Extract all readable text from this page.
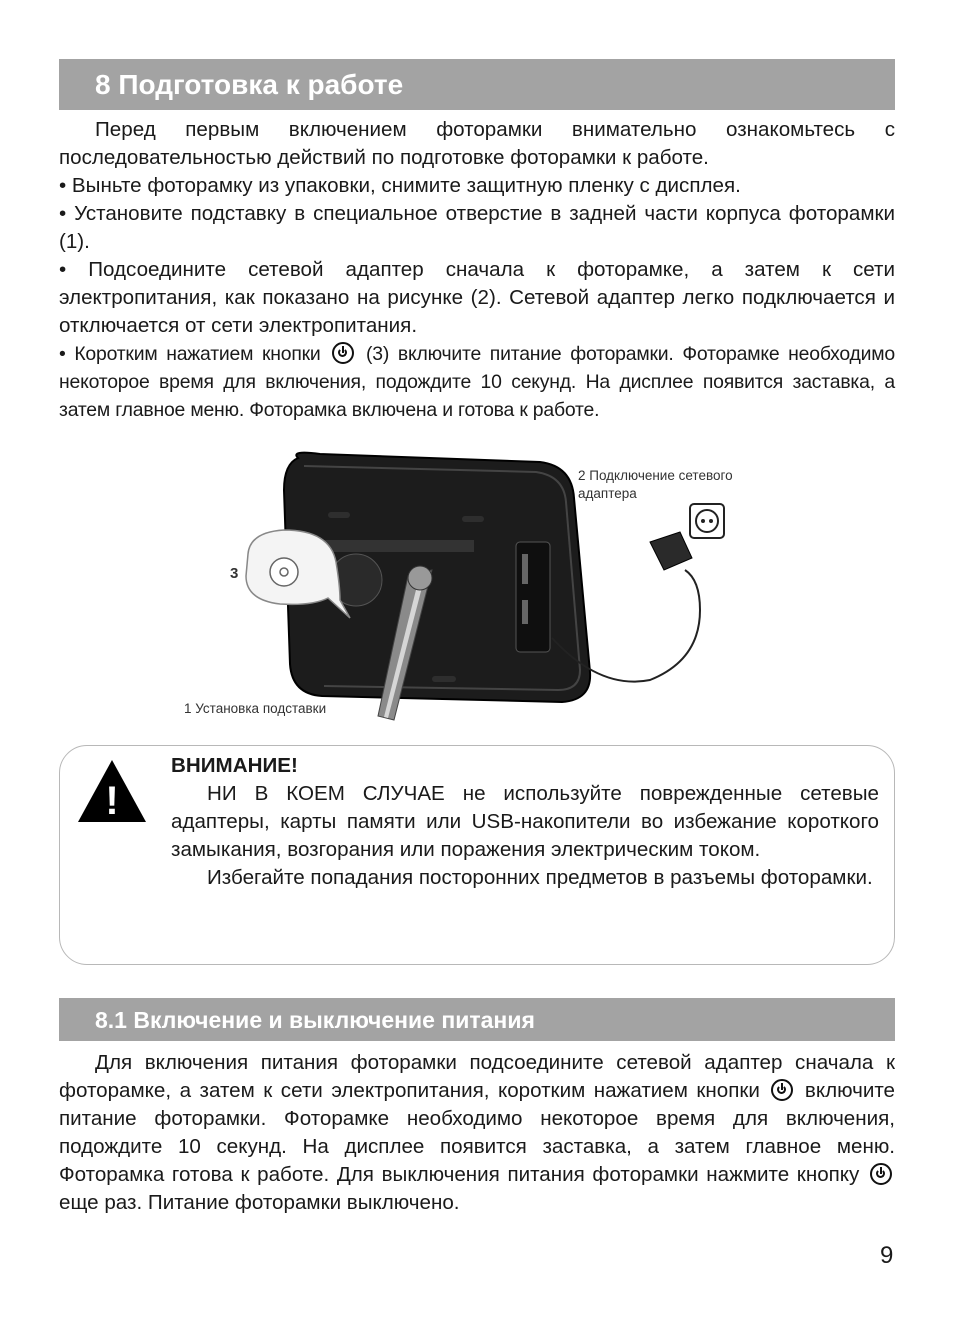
8 Подготовка к работе

Перед первым включением фоторамки внимательно ознакомьтесь с последовательностью действий по подготовке фоторамки к работе.

• Выньте фоторамку из упаковки, снимите защитную пленку с дисплея.

• Установите подставку в специальное отверстие в задней части корпуса фоторамки (1).

• Подсоедините сетевой адаптер сначала к фоторамке, а затем к сети электропитания, как показано на рисунке (2). Сетевой адаптер легко подключается и отключается от сети электропитания.

• Коротким нажатием кнопки (3) включите питание фоторамки. Фоторамке необходимо некоторое время для включения, подождите 10 секунд. На дисплее появится заставка, а затем главное меню. Фоторамка включена и готова к работе.

3
2 Подключение сетевого
адаптера
1 Установка подставки
!

ВНИМАНИЕ!

НИ В КОЕМ СЛУЧАЕ не используйте поврежденные сетевые адаптеры, карты памяти или USB-накопители во избежание короткого замыкания, возгорания или поражения электрическим током.

Избегайте попадания посторонних предметов в разъемы фоторамки.

8.1 Включение и выключение питания

Для включения питания фоторамки подсоедините сетевой адаптер сначала к фоторамке, а затем к сети электропитания, коротким нажатием кнопки  включите питание фоторамки. Фоторамке необходимо некоторое время для включения, подождите 10 секунд. На дисплее появится заставка, а затем главное меню. Фоторамка готова к работе. Для выключения питания фоторамки нажмите кнопку  еще раз. Питание фоторамки выключено.

9
